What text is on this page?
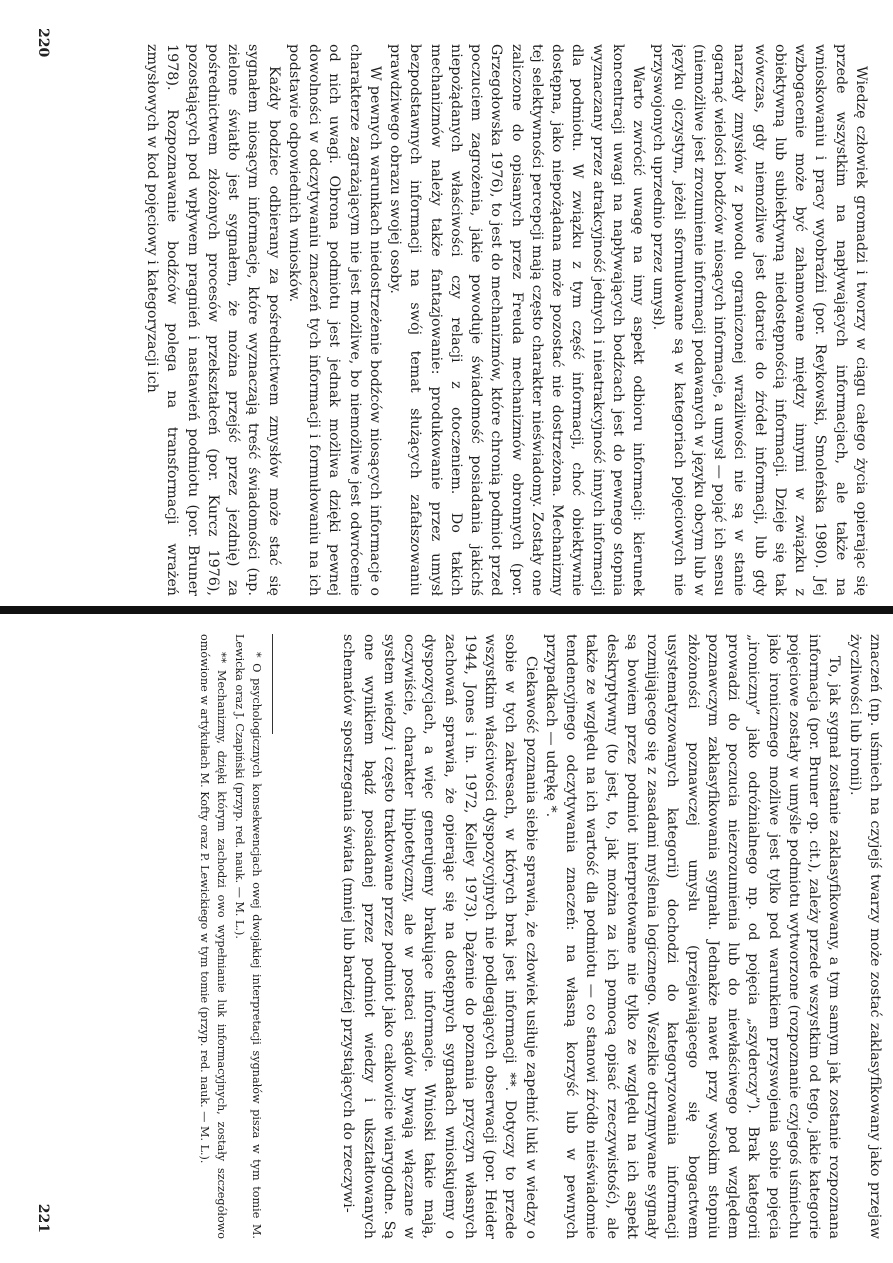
Wiedzę człowiek gromadzi i tworzy w ciągu całego życia opierając się przede wszystkim na napływających informacjach, ale także na wnioskowaniu i pracy wyobraźni (por. Reykowski, Smoleńska 1980). Jej wzbogacenie może być zahamowane między innymi w związku z obiektywną lub subiektywną niedostępnością informacji. Dzieje się tak wówczas, gdy niemożliwe jest dotarcie do źródeł informacji, lub gdy narządy zmysłów z powodu ograniczonej wrażliwości nie są w stanie ogarnąć wielości bodźców niosących informacje, a umysł — pojąć ich sensu (niemożliwe jest zrozumienie informacji podawanych w języku obcym lub w języku ojczystym, jeżeli sformułowane są w kategoriach pojęciowych nie przyswojonych uprzednio przez umysł).

Warto zwrócić uwagę na inny aspekt odbioru informacji: kierunek koncentracji uwagi na napływających bodźcach jest do pewnego stopnia wyznaczany przez atrakcyjność jednych i nieatrakcyjność innych informacji dla podmiotu. W związku z tym część informacji, choć obiektywnie dostępna, jako niepożądana może pozostać nie dostrzeżona. Mechanizmy tej selektywności percepcji mają często charakter nieświadomy. Zostały one zaliczone do opisanych przez Freuda mechanizmów obronnych (por. Grzegołowska 1976), to jest do mechanizmów, które chronią podmiot przed poczuciem zagrożenia, jakie powoduje świadomość posiadania jakichś niepożądanych właściwości czy relacji z otoczeniem. Do takich mechanizmów należy także fantazjowanie: produkowanie przez umysł bezpodstawnych informacji na swój temat służących zafałszowaniu prawdziwego obrazu swojej osoby.

W pewnych warunkach niedostrzeżenie bodźców niosących informacje o charakterze zagrażającym nie jest możliwe, bo niemożliwe jest odwrócenie od nich uwagi. Obrona podmiotu jest jednak możliwa dzięki pewnej dowolności w odczytywaniu znaczeń tych informacji i formułowaniu na ich podstawie odpowiednich wniosków.

Każdy bodziec odbierany za pośrednictwem zmysłów może stać się sygnałem niosącym informacje, które wyznaczają treść świadomości (np. zielone światło jest sygnałem, że można przejść przez jezdnię) za pośrednictwem złożonych procesów przekształceń (por. Kurcz 1976), pozostających pod wpływem pragnień i nastawień podmiotu (por. Bruner 1978). Rozpoznawanie bodźców polega na transformacji wrażeń zmysłowych w kod pojęciowy i kategoryzacji ich

220

znaczeń (np. uśmiech na czyjejś twarzy może zostać zaklasyfikowany jako przejaw życzliwości lub ironii).

To, jak sygnał zostanie zaklasyfikowany, a tym samym jak zostanie rozpoznana informacja (por. Bruner op. cit.), zależy przede wszystkim od tego, jakie kategorie pojęciowe zostały w umyśle podmiotu wytworzone (rozpoznanie czyjegoś uśmiechu jako ironicznego możliwe jest tylko pod warunkiem przyswojenia sobie pojęcia „ironiczny” jako odróżnialnego np. od pojęcia „szyderczy”). Brak kategorii prowadzi do poczucia niezrozumienia lub do niewłaściwego pod względem poznawczym zaklasyfikowania sygnału. Jednakże nawet przy wysokim stopniu złożoności poznawczej umysłu (przejawiającego się bogactwem usystematyzowanych kategorii) dochodzi do kategoryzowania informacji rozmijającego się z zasadami myślenia logicznego. Wszelkie otrzymywane sygnały są bowiem przez podmiot interpretowane nie tylko ze względu na ich aspekt deskryptywny (to jest, to, jak można za ich pomocą opisać rzeczywistość), ale także ze względu na ich wartość dla podmiotu — co stanowi źródło nieświadomie tendencyjnego odczytywania znaczeń: na własną korzyść lub w pewnych przypadkach — udrękę *.

Ciekawość poznania siebie sprawia, że człowiek usiłuje zapełnić luki w wiedzy o sobie w tych zakresach, w których brak jest informacji **. Dotyczy to przede wszystkim właściwości dyspozycyjnych nie podlegających obserwacji (por. Heider 1944, Jones i in. 1972, Kelley 1973). Dążenie do poznania przyczyn własnych zachowań sprawia, że opierając się na dostępnych sygnałach wnioskujemy o dyspozycjach, a więc generujemy brakujące informacje. Wnioski takie mają, oczywiście, charakter hipotetyczny, ale w postaci sądów bywają włączane w system wiedzy i często traktowane przez podmiot jako całkowicie wiarygodne. Są one wynikiem bądź posiadanej przez podmiot wiedzy i ukształtowanych schematów spostrzegania świata (mniej lub bardziej przystających do rzeczywi-

* O psychologicznych konsekwencjach owej dwojakiej interpretacji sygnałów pisza w tym tomie M. Lewicka oraz J. Czapiński (przyp. red. nauk. — M. L.).

** Mechanizmy, dzięki którym zachodzi owo wypełnianie luk informacyjnych, zostały szczegółowo omówione w artykułach M. Kofty oraz P. Lewickiego w tym tomie (przyp. red. nauk. — M. L.).

221
